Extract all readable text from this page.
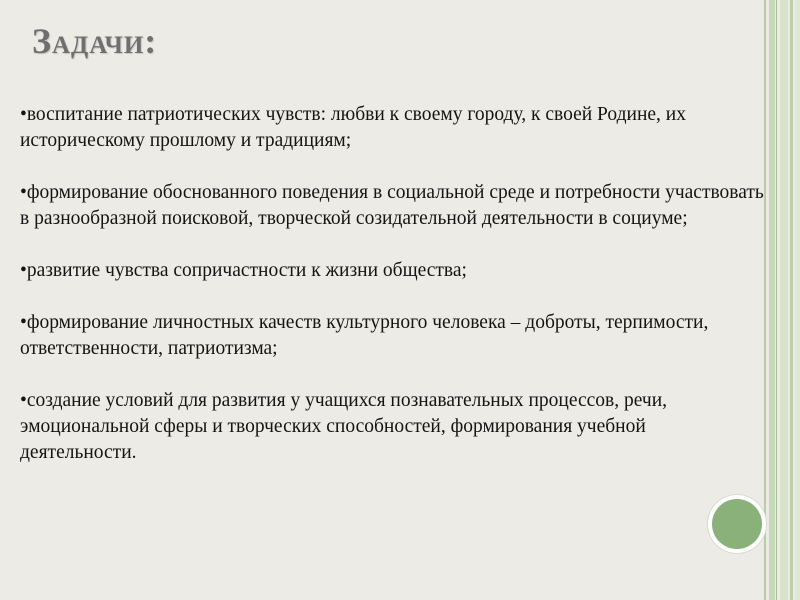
Задачи:
•воспитание патриотических чувств: любви к своему городу, к своей Родине, их историческому прошлому и традициям;
•формирование обоснованного поведения в социальной среде и потребности участвовать в разнообразной поисковой, творческой созидательной деятельности в социуме;
•развитие чувства сопричастности к жизни общества;
•формирование личностных качеств культурного человека – доброты, терпимости, ответственности, патриотизма;
•создание условий для развития у учащихся познавательных процессов, речи, эмоциональной сферы и творческих способностей, формирования учебной деятельности.
